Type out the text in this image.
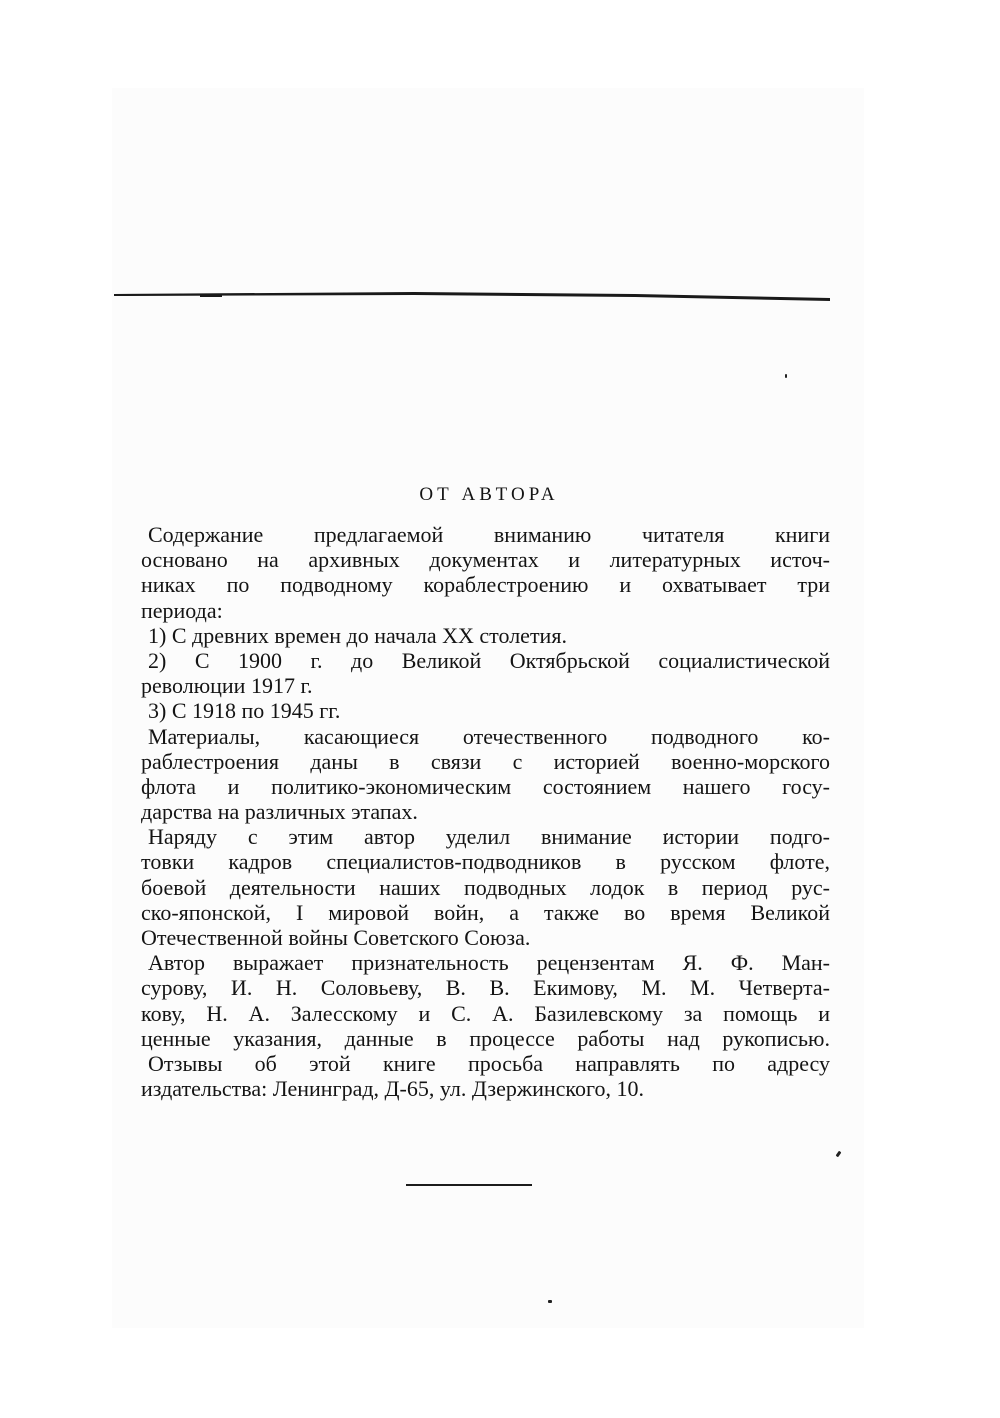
ОТ АВТОРА
Содержание предлагаемой вниманию читателя книги
основано на архивных документах и литературных источ-
никах по подводному кораблестроению и охватывает три
периода:
1) С древних времен до начала XX столетия.
2) С 1900 г. до Великой Октябрьской социалистической
революции 1917 г.
3) С 1918 по 1945 гг.
Материалы, касающиеся отечественного подводного ко-
раблестроения даны в связи с историей военно-морского
флота и политико-экономическим состоянием нашего госу-
дарства на различных этапах.
Наряду с этим автор уделил внимание истории подго-
товки кадров специалистов-подводников в русском флоте,
боевой деятельности наших подводных лодок в период рус-
ско-японской, I мировой войн, а также во время Великой
Отечественной войны Советского Союза.
Автор выражает признательность рецензентам Я. Ф. Ман-
сурову, И. Н. Соловьеву, В. В. Екимову, М. М. Четверта-
кову, Н. А. Залесскому и С. А. Базилевскому за помощь и
ценные указания, данные в процессе работы над рукописью.
Отзывы об этой книге просьба направлять по адресу
издательства: Ленинград, Д-65, ул. Дзержинского, 10.
